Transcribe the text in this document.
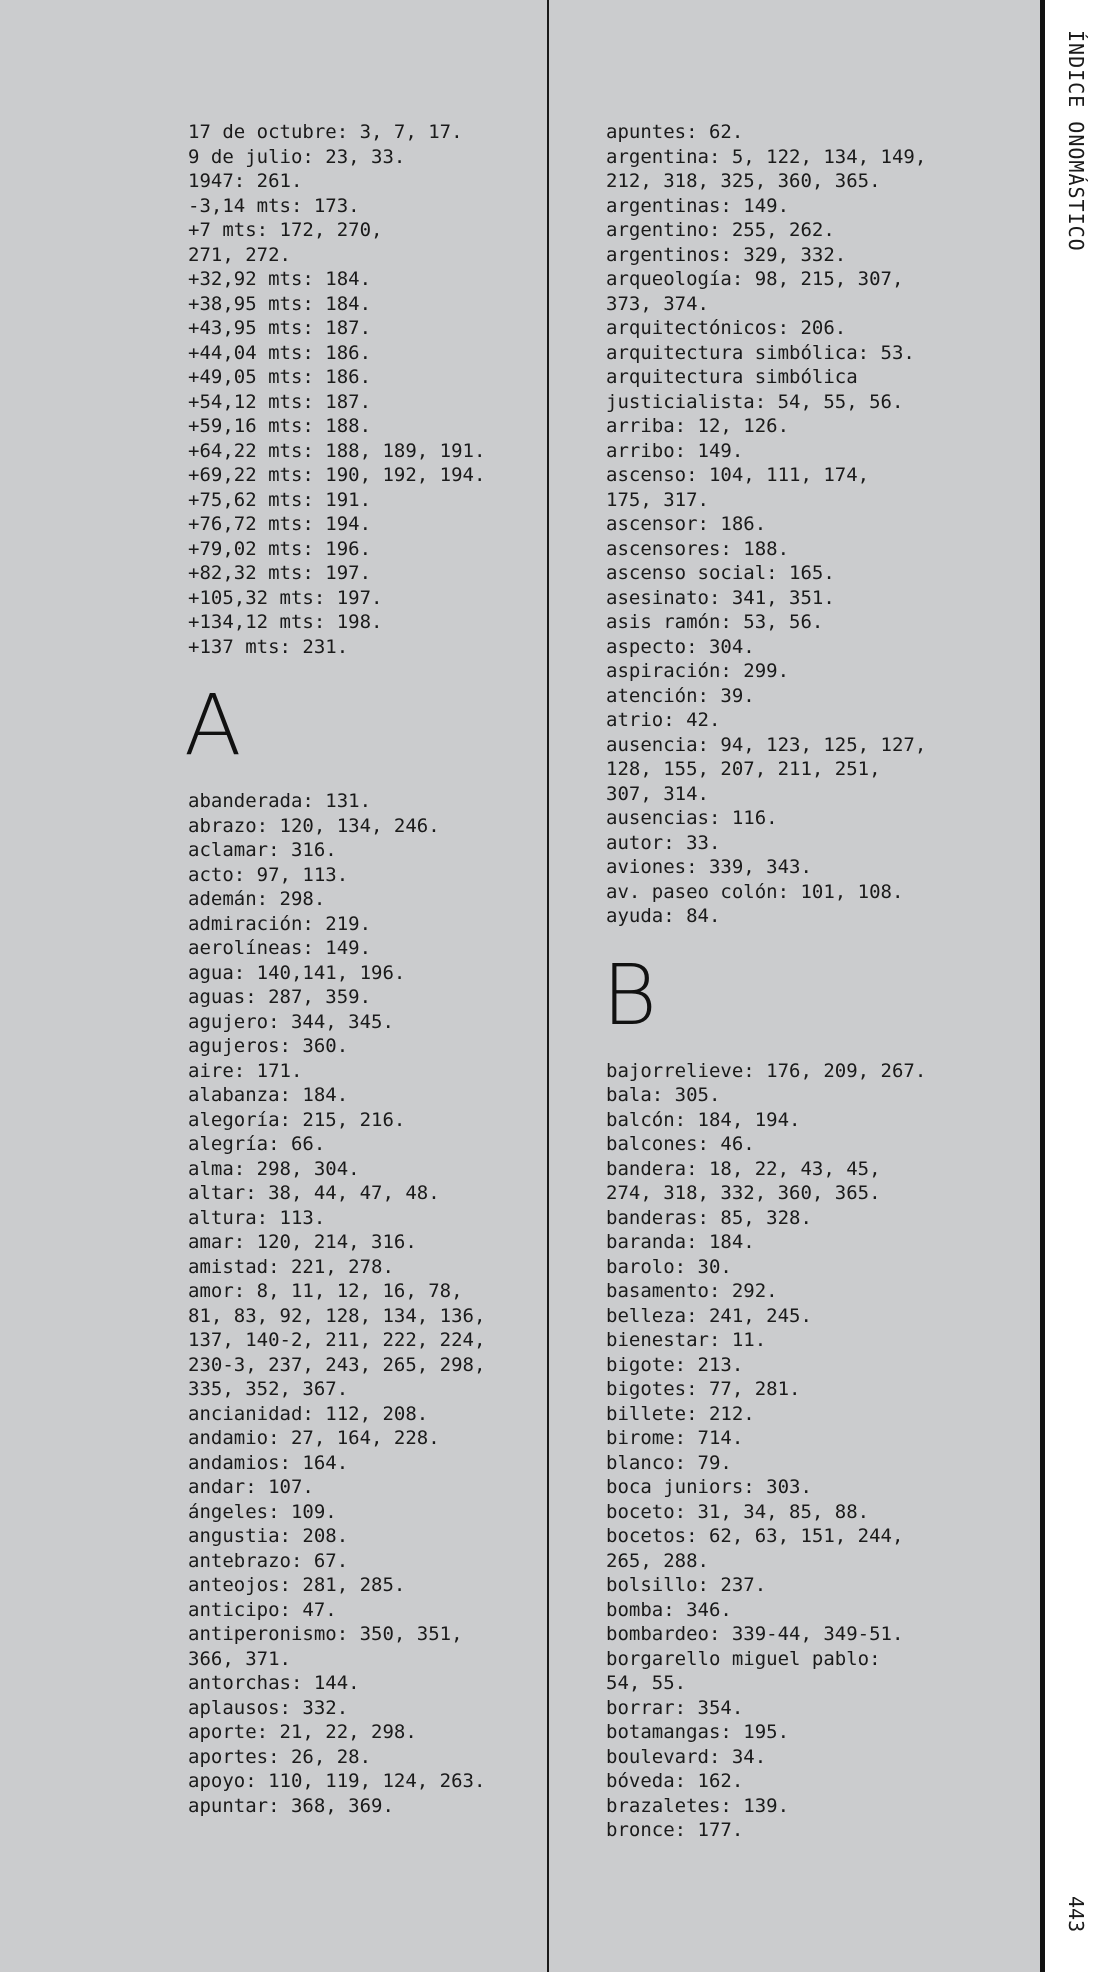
ÍNDICE ONOMÁSTICO
443

17 de octubre: 3, 7, 17.

9 de julio: 23, 33.

1947: 261.

-3,14 mts: 173.

+7 mts: 172, 270,

271, 272.

+32,92 mts: 184.

+38,95 mts: 184.

+43,95 mts: 187.

+44,04 mts: 186.

+49,05 mts: 186.

+54,12 mts: 187.

+59,16 mts: 188.

+64,22 mts: 188, 189, 191.

+69,22 mts: 190, 192, 194.

+75,62 mts: 191.

+76,72 mts: 194.

+79,02 mts: 196.

+82,32 mts: 197.

+105,32 mts: 197.

+134,12 mts: 198.

+137 mts: 231.

A

abanderada: 131.

abrazo: 120, 134, 246.

aclamar: 316.

acto: 97, 113.

ademán: 298.

admiración: 219.

aerolíneas: 149.

agua: 140,141, 196.

aguas: 287, 359.

agujero: 344, 345.

agujeros: 360.

aire: 171.

alabanza: 184.

alegoría: 215, 216.

alegría: 66.

alma: 298, 304.

altar: 38, 44, 47, 48.

altura: 113.

amar: 120, 214, 316.

amistad: 221, 278.

amor: 8, 11, 12, 16, 78,

81, 83, 92, 128, 134, 136,

137, 140-2, 211, 222, 224,

230-3, 237, 243, 265, 298,

335, 352, 367.

ancianidad: 112, 208.

andamio: 27, 164, 228.

andamios: 164.

andar: 107.

ángeles: 109.

angustia: 208.

antebrazo: 67.

anteojos: 281, 285.

anticipo: 47.

antiperonismo: 350, 351,

366, 371.

antorchas: 144.

aplausos: 332.

aporte: 21, 22, 298.

aportes: 26, 28.

apoyo: 110, 119, 124, 263.

apuntar: 368, 369.

apuntes: 62.

argentina: 5, 122, 134, 149,

212, 318, 325, 360, 365.

argentinas: 149.

argentino: 255, 262.

argentinos: 329, 332.

arqueología: 98, 215, 307,

373, 374.

arquitectónicos: 206.

arquitectura simbólica: 53.

arquitectura simbólica

justicialista: 54, 55, 56.

arriba: 12, 126.

arribo: 149.

ascenso: 104, 111, 174,

175, 317.

ascensor: 186.

ascensores: 188.

ascenso social: 165.

asesinato: 341, 351.

asis ramón: 53, 56.

aspecto: 304.

aspiración: 299.

atención: 39.

atrio: 42.

ausencia: 94, 123, 125, 127,

128, 155, 207, 211, 251,

307, 314.

ausencias: 116.

autor: 33.

aviones: 339, 343.

av. paseo colón: 101, 108.

ayuda: 84.

B

bajorrelieve: 176, 209, 267.

bala: 305.

balcón: 184, 194.

balcones: 46.

bandera: 18, 22, 43, 45,

274, 318, 332, 360, 365.

banderas: 85, 328.

baranda: 184.

barolo: 30.

basamento: 292.

belleza: 241, 245.

bienestar: 11.

bigote: 213.

bigotes: 77, 281.

billete: 212.

birome: 714.

blanco: 79.

boca juniors: 303.

boceto: 31, 34, 85, 88.

bocetos: 62, 63, 151, 244,

265, 288.

bolsillo: 237.

bomba: 346.

bombardeo: 339-44, 349-51.

borgarello miguel pablo:

54, 55.

borrar: 354.

botamangas: 195.

boulevard: 34.

bóveda: 162.

brazaletes: 139.

bronce: 177.
